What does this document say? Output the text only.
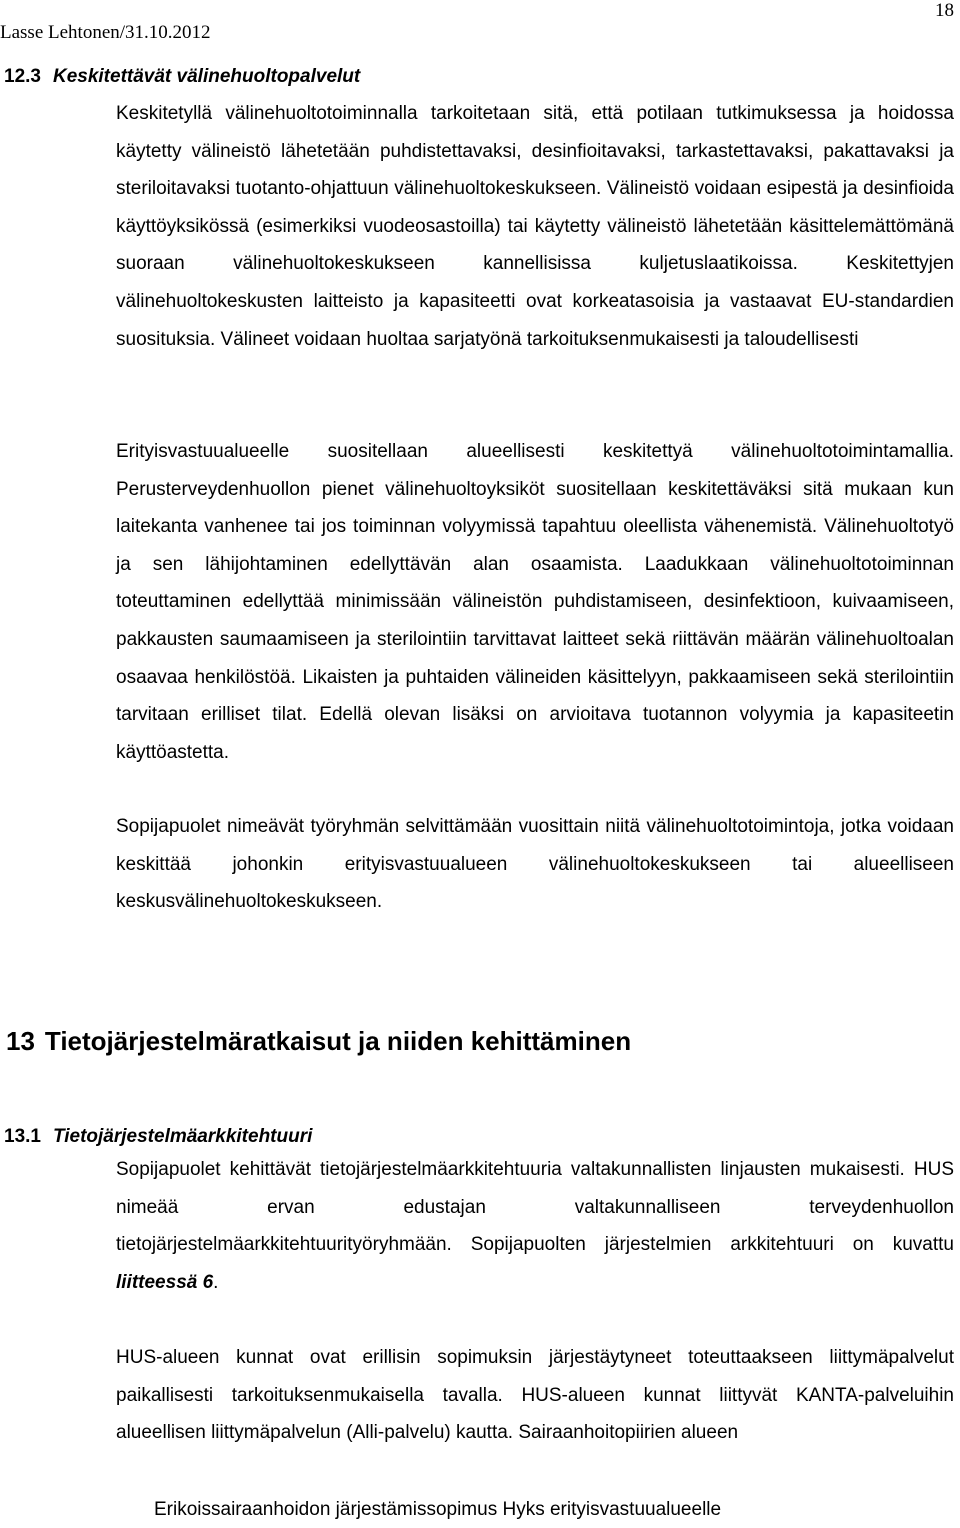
Lasse Lehtonen/31.10.2012
18
12.3 Keskitettävät välinehuoltopalvelut
Keskitetyllä välinehuoltotoiminnalla tarkoitetaan sitä, että potilaan tutkimuksessa ja hoidossa käytetty välineistö lähetetään puhdistettavaksi, desinfioitavaksi, tarkastettavaksi, pakattavaksi ja steriloitavaksi tuotanto-ohjattuun välinehuoltokeskukseen. Välineistö voidaan esipestä ja desinfioida käyttöyksikössä (esimerkiksi vuodeosastoilla) tai käytetty välineistö lähetetään käsittelemättömänä suoraan välinehuoltokeskukseen kannellisissa kuljetuslaatikoissa. Keskitettyjen välinehuoltokeskusten laitteisto ja kapasiteetti ovat korkeatasoisia ja vastaavat EU-standardien suosituksia. Välineet voidaan huoltaa sarjatyönä tarkoituksenmukaisesti ja taloudellisesti
Erityisvastuualueelle suositellaan alueellisesti keskitettyä välinehuoltotoimintamallia. Perusterveydenhuollon pienet välinehuoltoyksiköt suositellaan keskitettäväksi sitä mukaan kun laitekanta vanhenee tai jos toiminnan volyymissä tapahtuu oleellista vähenemistä. Välinehuoltotyö ja sen lähijohtaminen edellyttävän alan osaamista. Laadukkaan välinehuoltotoiminnan toteuttaminen edellyttää minimissään välineistön puhdistamiseen, desinfektioon, kuivaamiseen, pakkausten saumaamiseen ja sterilointiin tarvittavat laitteet sekä riittävän määrän välinehuoltoalan osaavaa henkilöstöä. Likaisten ja puhtaiden välineiden käsittelyyn, pakkaamiseen sekä sterilointiin tarvitaan erilliset tilat. Edellä olevan lisäksi on arvioitava tuotannon volyymia ja kapasiteetin käyttöastetta.
Sopijapuolet nimeävät työryhmän selvittämään vuosittain niitä välinehuoltotoimintoja, jotka voidaan keskittää johonkin erityisvastuualueen välinehuoltokeskukseen tai alueelliseen keskusvälinehuoltokeskukseen.
13 Tietojärjestelmäratkaisut ja niiden kehittäminen
13.1 Tietojärjestelmäarkkitehtuuri
Sopijapuolet kehittävät tietojärjestelmäarkkitehtuuria valtakunnallisten linjausten mukaisesti. HUS nimeää ervan edustajan valtakunnalliseen terveydenhuollon tietojärjestelmäarkkitehtuurityöryhmään. Sopijapuolten järjestelmien arkkitehtuuri on kuvattu liitteessä 6.
HUS-alueen kunnat ovat erillisin sopimuksin järjestäytyneet toteuttaakseen liittymäpalvelut paikallisesti tarkoituksenmukaisella tavalla. HUS-alueen kunnat liittyvät KANTA-palveluihin alueellisen liittymäpalvelun (Alli-palvelu) kautta. Sairaanhoitopiirien alueen
Erikoissairaanhoidon järjestämissopimus Hyks erityisvastuualueelle
